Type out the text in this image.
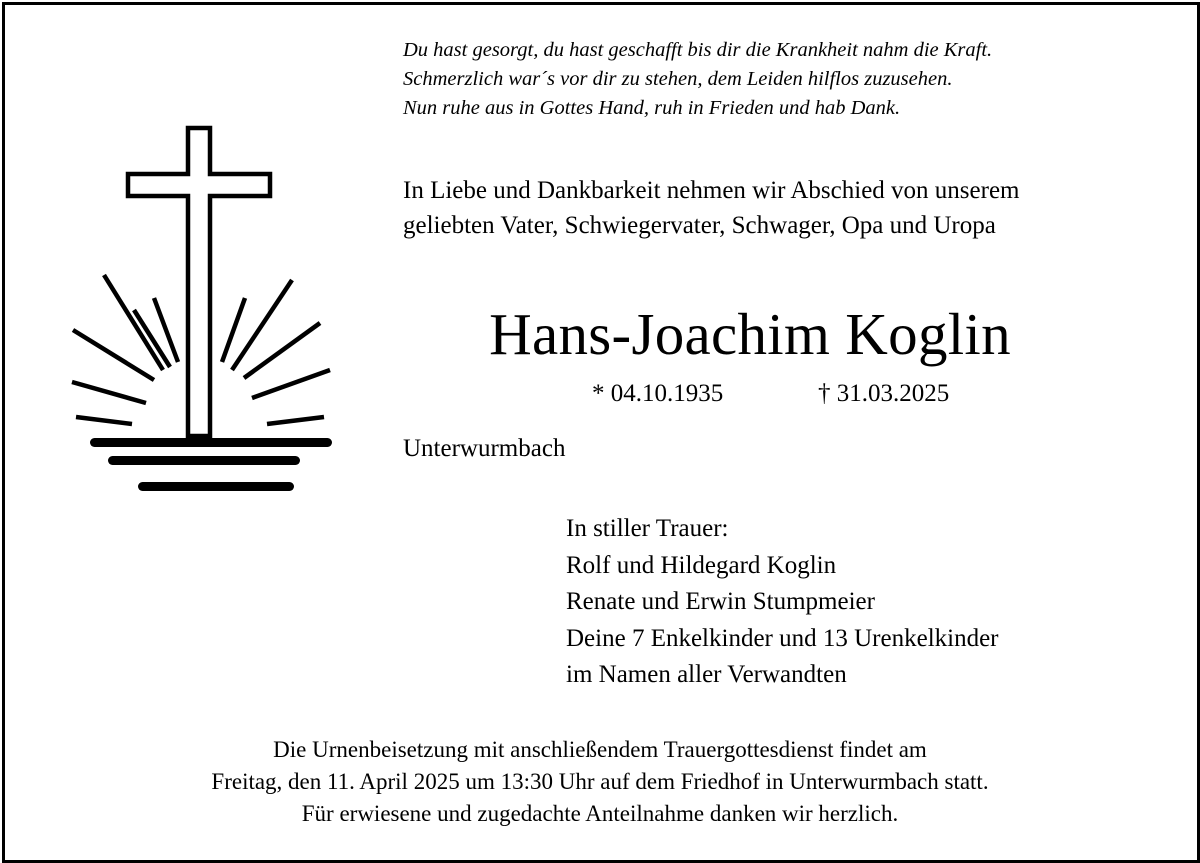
Du hast gesorgt, du hast geschafft bis dir die Krankheit nahm die Kraft.
Schmerzlich war´s vor dir zu stehen, dem Leiden hilflos zuzusehen.
Nun ruhe aus in Gottes Hand, ruh in Frieden und hab Dank.
In Liebe und Dankbarkeit nehmen wir Abschied von unserem
geliebten Vater, Schwiegervater, Schwager, Opa und Uropa
Hans-Joachim Koglin
* 04.10.1935	† 31.03.2025
Unterwurmbach
In stiller Trauer:
Rolf und Hildegard Koglin
Renate und Erwin Stumpmeier
Deine 7 Enkelkinder und 13 Urenkelkinder
im Namen aller Verwandten
Die Urnenbeisetzung mit anschließendem Trauergottesdienst findet am
Freitag, den 11. April 2025 um 13:30 Uhr auf dem Friedhof in Unterwurmbach statt.
Für erwiesene und zugedachte Anteilnahme danken wir herzlich.
